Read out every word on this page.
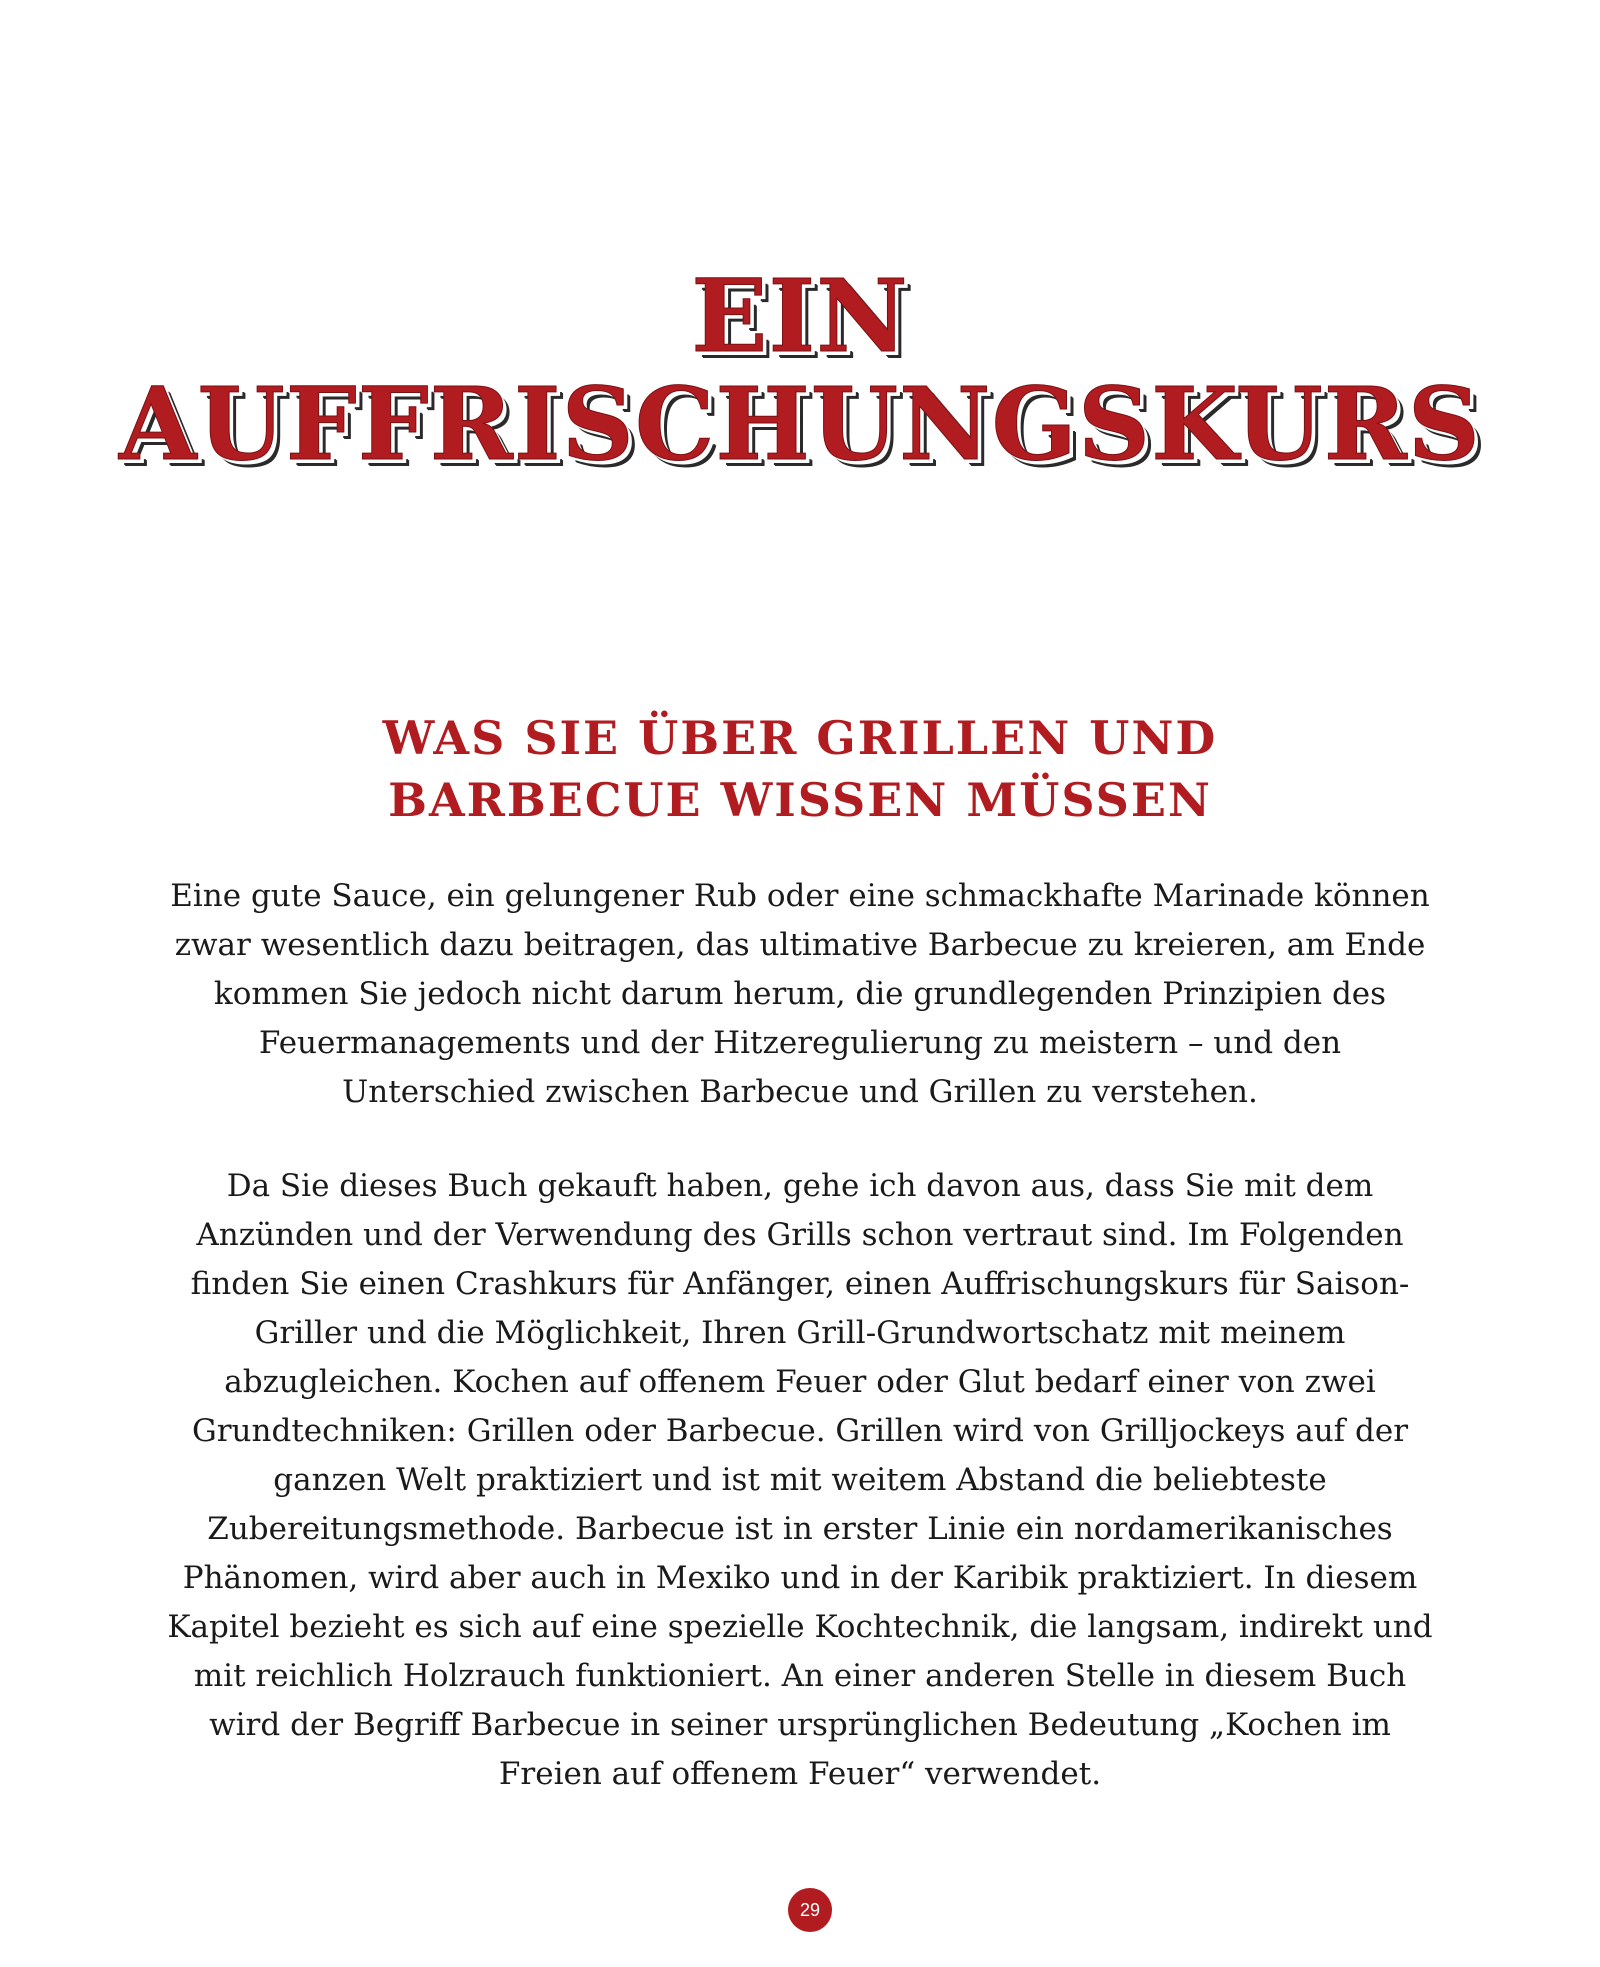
EIN
AUFFRISCHUNGSKURS
WAS SIE ÜBER GRILLEN UND
BARBECUE WISSEN MÜSSEN
Eine gute Sauce, ein gelungener Rub oder eine schmackhafte Marinade können
zwar wesentlich dazu beitragen, das ultimative Barbecue zu kreieren, am Ende
kommen Sie jedoch nicht darum herum, die grundlegenden Prinzipien des
Feuermanagements und der Hitzeregulierung zu meistern – und den
Unterschied zwischen Barbecue und Grillen zu verstehen.
Da Sie dieses Buch gekauft haben, gehe ich davon aus, dass Sie mit dem
Anzünden und der Verwendung des Grills schon vertraut sind. Im Folgenden
finden Sie einen Crashkurs für Anfänger, einen Auffrischungskurs für Saison-
Griller und die Möglichkeit, Ihren Grill-Grundwortschatz mit meinem
abzugleichen. Kochen auf offenem Feuer oder Glut bedarf einer von zwei
Grundtechniken: Grillen oder Barbecue. Grillen wird von Grilljockeys auf der
ganzen Welt praktiziert und ist mit weitem Abstand die beliebteste
Zubereitungsmethode. Barbecue ist in erster Linie ein nordamerikanisches
Phänomen, wird aber auch in Mexiko und in der Karibik praktiziert. In diesem
Kapitel bezieht es sich auf eine spezielle Kochtechnik, die langsam, indirekt und
mit reichlich Holzrauch funktioniert. An einer anderen Stelle in diesem Buch
wird der Begriff Barbecue in seiner ursprünglichen Bedeutung „Kochen im
Freien auf offenem Feuer“ verwendet.
29
